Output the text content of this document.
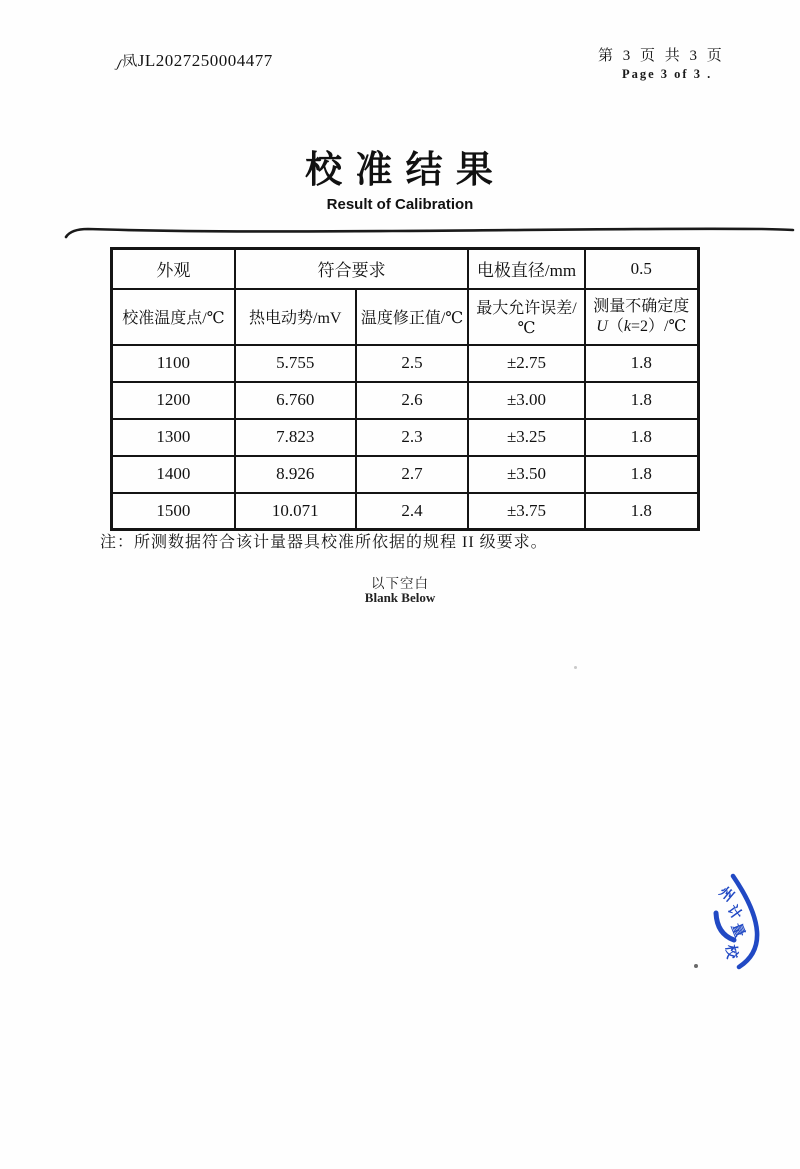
ʃ凤JL2027250004477	第 3 页 共 3 页
Page 3 of 3 .
校 准 结 果
Result of Calibration
外观	符合要求		电极直径/mm	0.5
校准温度点/℃	热电动势/mV	温度修正值/℃	最大允许误差/℃	测量不确定度
U（k=2）/℃
1100	5.755	2.5	±2.75	1.8
1200	6.760	2.6	±3.00	1.8
1300	7.823	2.3	±3.25	1.8
1400	8.926	2.7	±3.50	1.8
1500	10.071	2.4	±3.75	1.8
注：所测数据符合该计量器具校准所依据的规程 II 级要求。
以下空白
Blank Below
州
计
量
校
